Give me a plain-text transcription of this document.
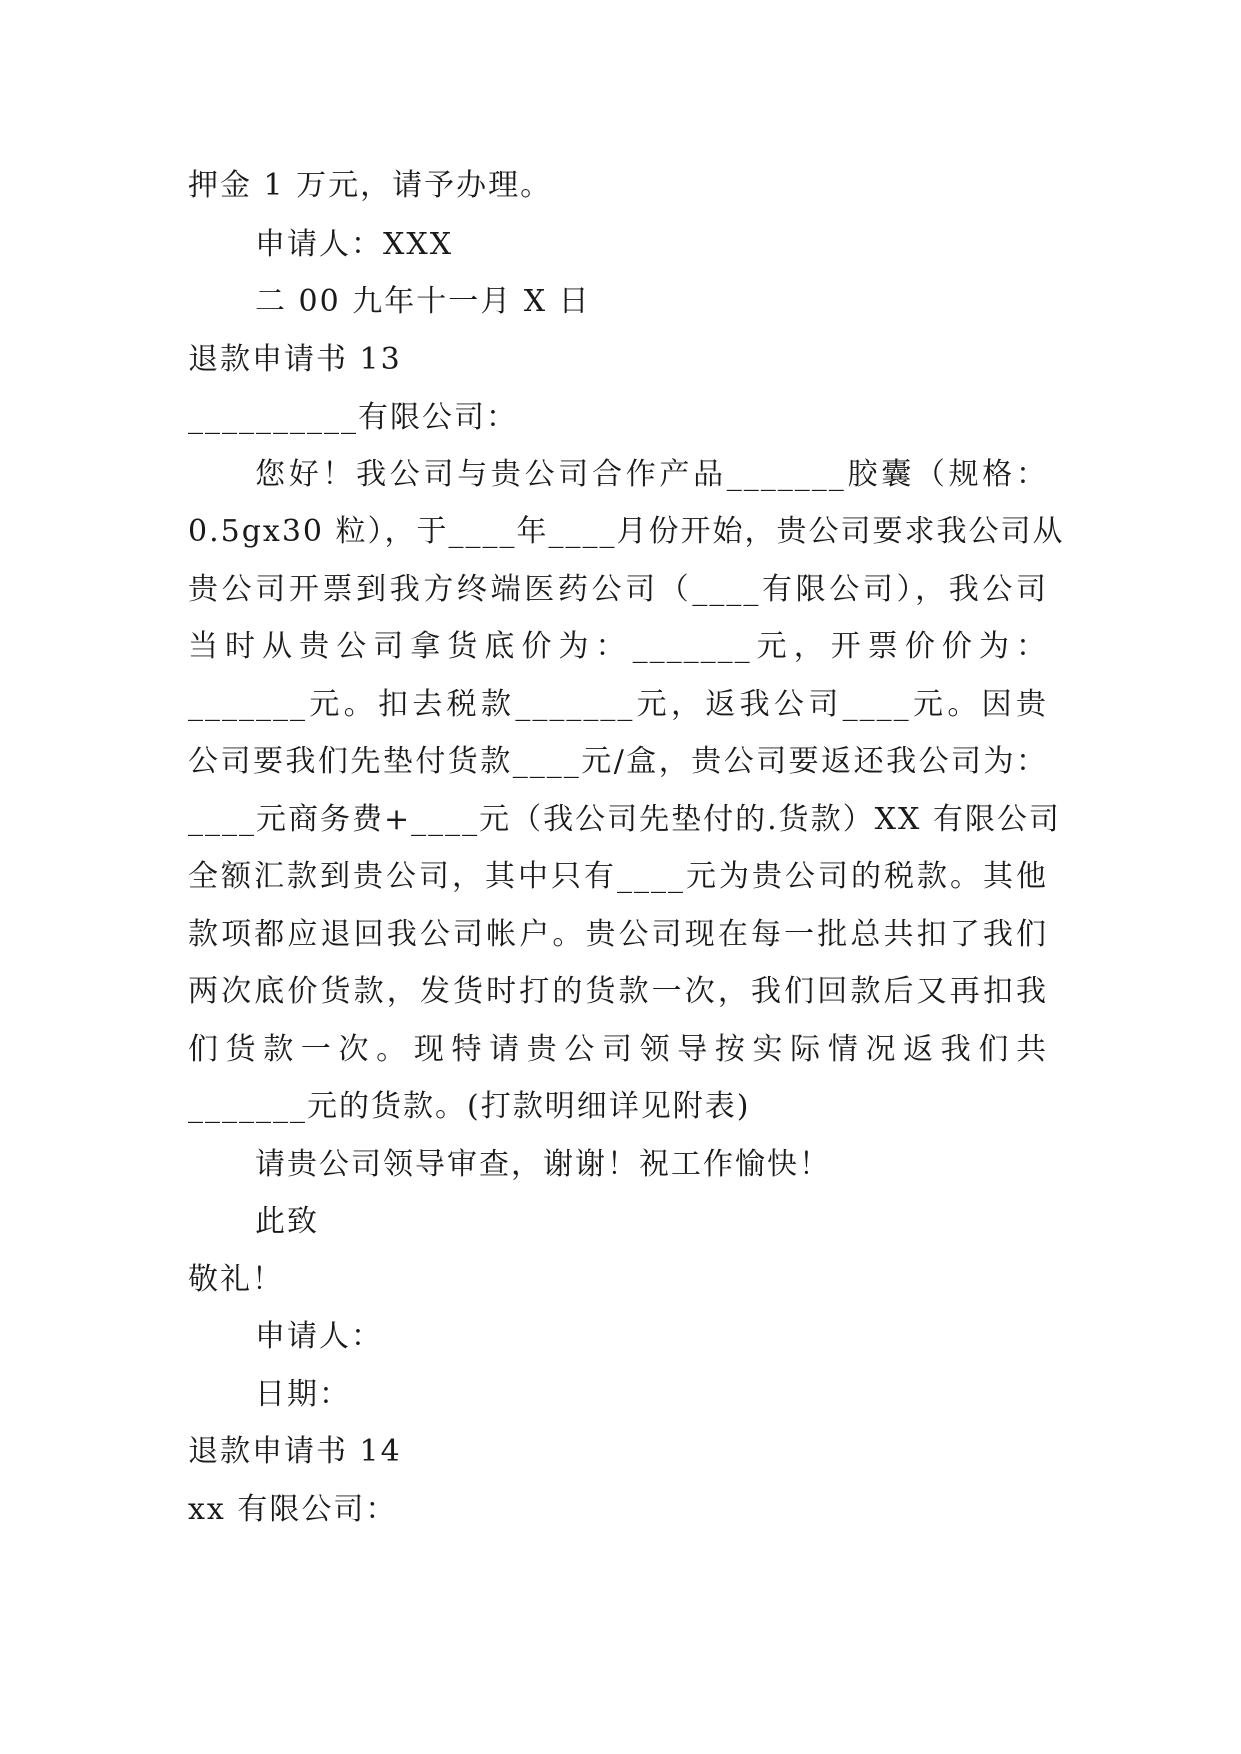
押金 1 万元，请予办理。
申请人：XXX
二 00 九年十一月 X 日
退款申请书 13
__________有限公司：
您好！我公司与贵公司合作产品_______胶囊（规格：
0.5gx30 粒），于____年____月份开始，贵公司要求我公司从
贵公司开票到我方终端医药公司（____有限公司），我公司
当时从贵公司拿货底价为：_______元，开票价价为：
_______元。扣去税款_______元，返我公司____元。因贵
公司要我们先垫付货款____元/盒，贵公司要返还我公司为：
____元商务费+____元（我公司先垫付的.货款）XX 有限公司
全额汇款到贵公司，其中只有____元为贵公司的税款。其他
款项都应退回我公司帐户。贵公司现在每一批总共扣了我们
两次底价货款，发货时打的货款一次，我们回款后又再扣我
们货款一次。现特请贵公司领导按实际情况返我们共
_______元的货款。(打款明细详见附表)
请贵公司领导审查，谢谢！祝工作愉快！
此致
敬礼！
申请人：
日期：
退款申请书 14
xx 有限公司：
